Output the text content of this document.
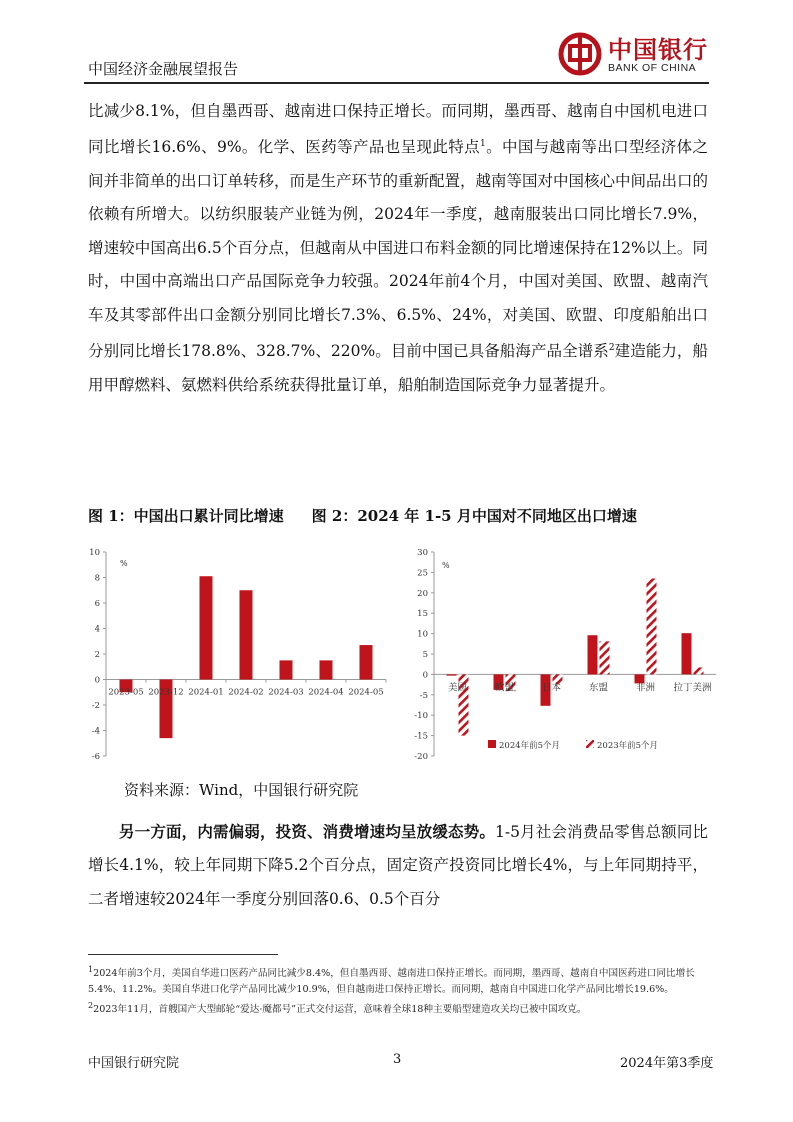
中国经济金融展望报告
中国银行
BANK OF CHINA
比减少8.1%，但自墨西哥、越南进口保持正增长。而同期，墨西哥、越南自中国机电进口同比增长16.6%、9%。化学、医药等产品也呈现此特点$^1$。中国与越南等出口型经济体之间并非简单的出口订单转移，而是生产环节的重新配置，越南等国对中国核心中间品出口的依赖有所增大。以纺织服装产业链为例，2024年一季度，越南服装出口同比增长7.9%，增速较中国高出6.5个百分点，但越南从中国进口布料金额的同比增速保持在12%以上。同时，中国中高端出口产品国际竞争力较强。2024年前4个月，中国对美国、欧盟、越南汽车及其零部件出口金额分别同比增长7.3%、6.5%、24%，对美国、欧盟、印度船舶出口分别同比增长178.8%、328.7%、220%。目前中国已具备船海产品全谱系$^2$建造能力，船用甲醇燃料、氨燃料供给系统获得批量订单，船舶制造国际竞争力显著提升。
图 1：中国出口累计同比增速 图 2：2024 年 1-5 月中国对不同地区出口增速
-6
-4
-2
0
2
4
6
8
10
%
2023-05 2023-12 2024-01 2024-02 2024-03 2024-04 2024-05
-20
-15
-10
-5
0
5
10
15
20
25
30
%
美国	欧盟	日本	东盟	非洲 拉丁美洲
2024年前5个月	2023年前5个月
资料来源：Wind，中国银行研究院
另一方面，内需偏弱，投资、消费增速均呈放缓态势。1-5月社会消费品零售总额同比增长4.1%，较上年同期下降5.2个百分点，固定资产投资同比增长4%，与上年同期持平，二者增速较2024年一季度分别回落0.6、0.5个百分
$^1$2024年前3个月，美国自华进口医药产品同比减少8.4%，但自墨西哥、越南进口保持正增长。而同期，墨西哥、越南自中国医药进口同比增长5.4%、11.2%。美国自华进口化学产品同比减少10.9%，但自越南进口保持正增长。而同期，越南自中国进口化学产品同比增长19.6%。
$^2$2023年11月，首艘国产大型邮轮“爱达·魔都号”正式交付运营，意味着全球18种主要船型建造攻关均已被中国攻克。
中国银行研究院	3	2024年第3季度
